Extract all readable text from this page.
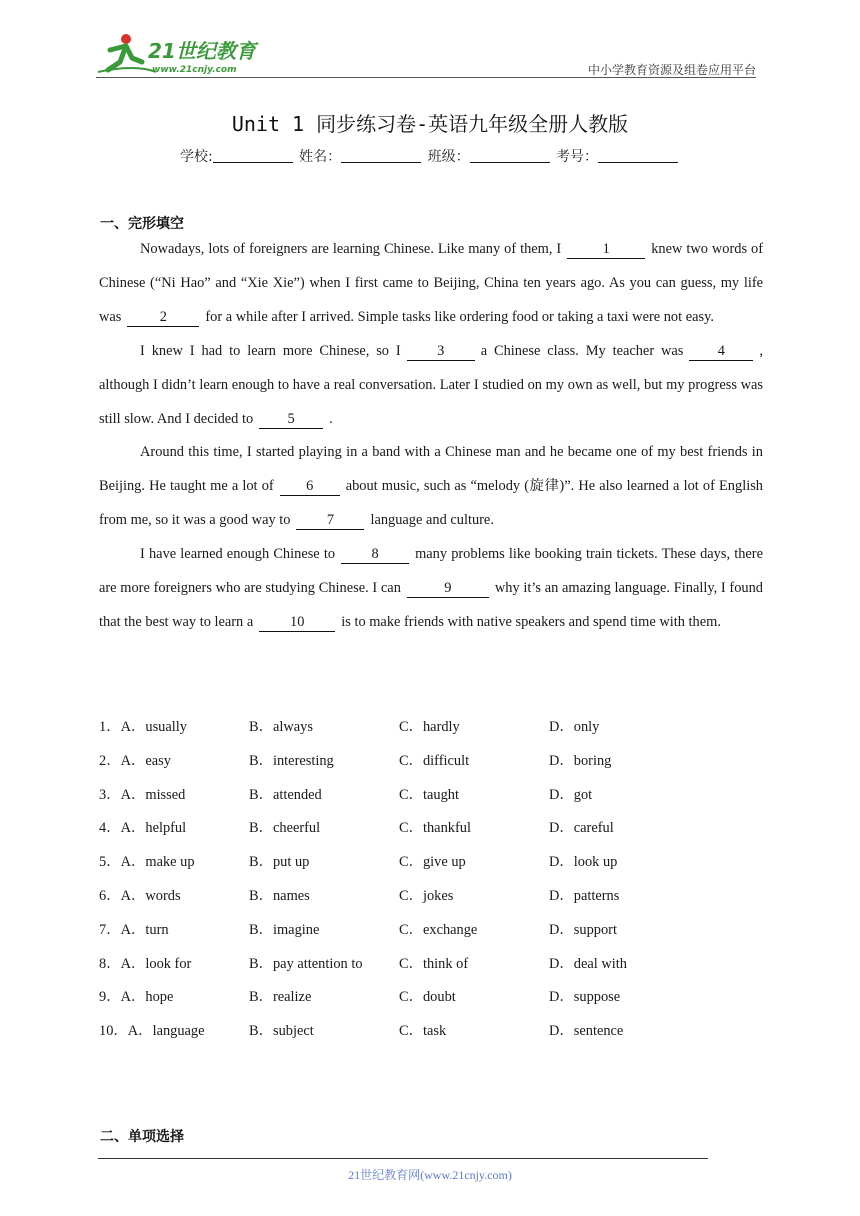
21世纪教育
www.21cnjy.com	中小学教育资源及组卷应用平台
Unit 1 同步练习卷-英语九年级全册人教版
学校:	姓名：	班级：	考号：
一、完形填空

Nowadays, lots of foreigners are learning Chinese. Like many of them, I	1	knew two words of Chinese (“Ni Hao” and “Xie Xie”) when I first came to Beijing, China ten years ago. As you can guess, my life was	2	for a while after I arrived. Simple tasks like ordering food or taking a taxi were not easy.

I knew I had to learn more Chinese, so I	3	a Chinese class. My teacher was 4 , although I didn’t learn enough to have a real conversation. Later I studied on my own as well, but my progress was still slow. And I decided to 5 .

Around this time, I started playing in a band with a Chinese man and he became one of my best friends in Beijing. He taught me a lot of 6 about music, such as “melody (旋律)”. He also learned a lot of English from me, so it was a good way to	7	language and culture.

I have learned enough Chinese to	8	many problems like booking train tickets. These days, there are more foreigners who are studying Chinese. I can	9	why it’s an amazing language. Finally, I found that the best way to learn a	10	is to make friends with native speakers and spend time with them.

1．A．usually	B．always	C．hardly	D．only
2．A．easy	B．interesting	C．difficult	D．boring
3．A．missed	B．attended	C．taught	D．got
4．A．helpful	B．cheerful	C．thankful	D．careful
5．A．make up	B．put up	C．give up	D．look up
6．A．words	B．names	C．jokes	D．patterns
7．A．turn	B．imagine	C．exchange	D．support
8．A．look for	B．pay attention to	C．think of	D．deal with
9．A．hope	B．realize	C．doubt	D．suppose
10．A．language	B．subject	C．task	D．sentence
二、单项选择
21世纪教育网(www.21cnjy.com)
